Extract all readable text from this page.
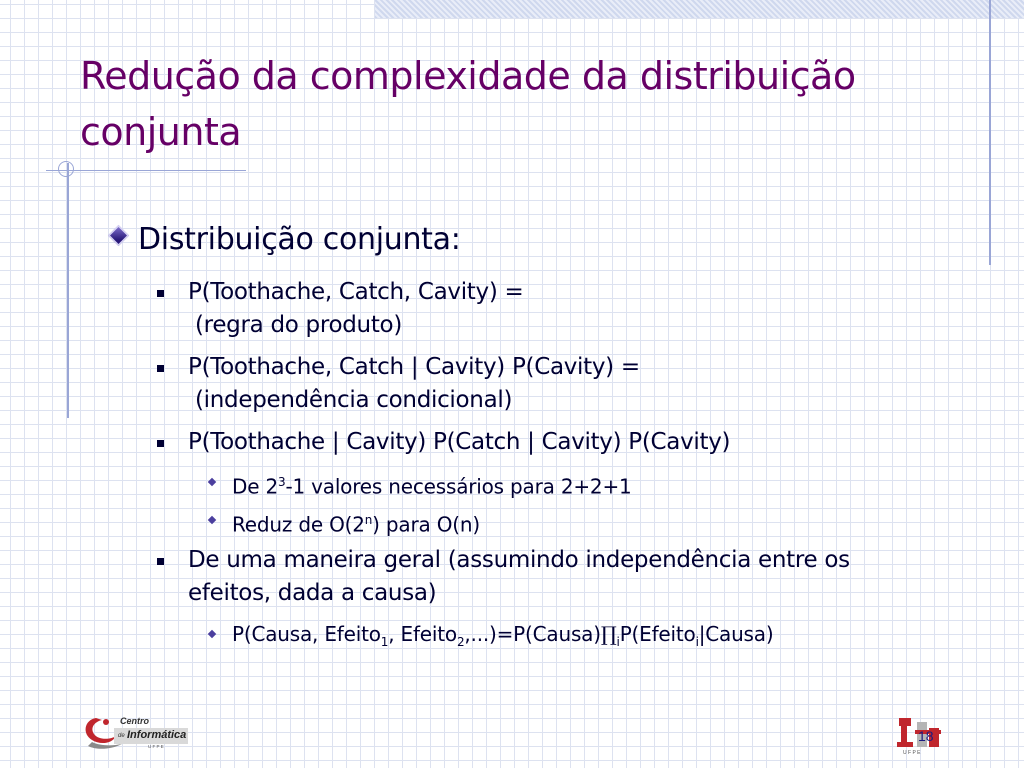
Redução da complexidade da distribuição conjunta
Distribuição conjunta:
P(Toothache, Catch, Cavity) =
(regra do produto)
P(Toothache, Catch | Cavity) P(Cavity) =
(independência condicional)
P(Toothache | Cavity) P(Catch | Cavity) P(Cavity)
De $2^3-1$ valores necessários para 2+2+1
Reduz de O(2$^n$) para O(n)
De uma maneira geral (assumindo independência entre os
efeitos, dada a causa)
P(Causa, Efeito$_1$, $Efeito_2,...)=P(Causa)\prod_iP(Efeito_i|Causa)$
Centro
de Informática
U F P E
U F P E
18
